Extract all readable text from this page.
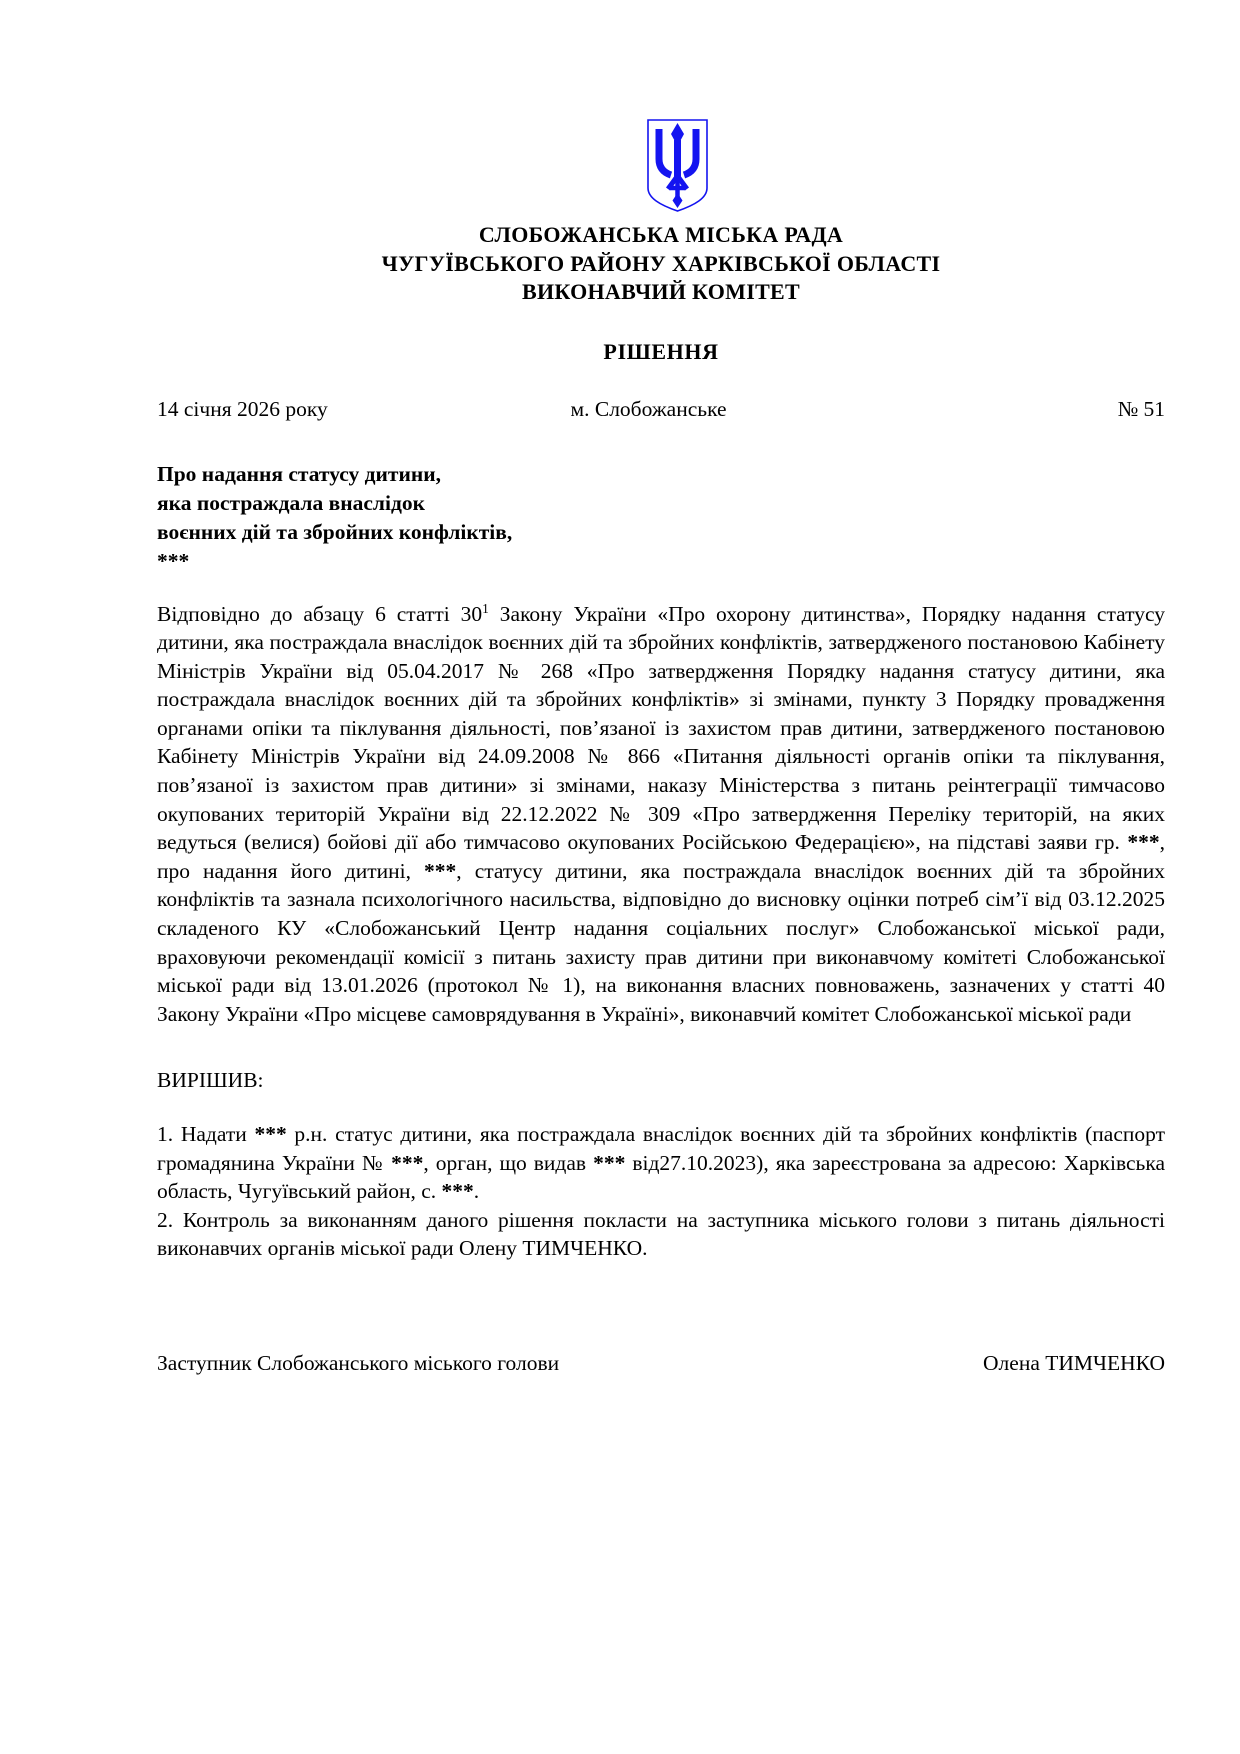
СЛОБОЖАНСЬКА МІСЬКА РАДА
ЧУГУЇВСЬКОГО РАЙОНУ ХАРКІВСЬКОЇ ОБЛАСТІ
ВИКОНАВЧИЙ КОМІТЕТ
РІШЕННЯ
14 січня 2026 року	м. Слобожанське	№ 51
Про надання статусу дитини,
яка постраждала внаслідок
воєнних дій та збройних конфліктів,
***

Відповідно до абзацу 6 статті $30^1$ Закону України «Про охорону дитинства», Порядку надання статусу дитини, яка постраждала внаслідок воєнних дій та збройних конфліктів, затвердженого постановою Кабінету Міністрів України від 05.04.2017 № 268 «Про затвердження Порядку надання статусу дитини, яка постраждала внаслідок воєнних дій та збройних конфліктів» зі змінами, пункту 3 Порядку провадження органами опіки та піклування діяльності, пов’язаної із захистом прав дитини, затвердженого постановою Кабінету Міністрів України від 24.09.2008 № 866 «Питання діяльності органів опіки та піклування, пов’язаної із захистом прав дитини» зі змінами, наказу Міністерства з питань реінтеграції тимчасово окупованих територій України від 22.12.2022 № 309 «Про затвердження Переліку територій, на яких ведуться (велися) бойові дії або тимчасово окупованих Російською Федерацією», на підставі заяви гр. ***, про надання його дитині, ***, статусу дитини, яка постраждала внаслідок воєнних дій та збройних конфліктів та зазнала психологічного насильства, відповідно до висновку оцінки потреб сім’ї від 03.12.2025 складеного КУ «Слобожанський Центр надання соціальних послуг» Слобожанської міської ради, враховуючи рекомендації комісії з питань захисту прав дитини при виконавчому комітеті Слобожанської міської ради від 13.01.2026 (протокол № 1), на виконання власних повноважень, зазначених у статті 40 Закону України «Про місцеве самоврядування в Україні», виконавчий комітет Слобожанської міської ради

ВИРІШИВ:

1. Надати *** р.н. статус дитини, яка постраждала внаслідок воєнних дій та збройних конфліктів (паспорт громадянина України № ***, орган, що видав *** від27.10.2023), яка зареєстрована за адресою: Харківська область, Чугуївський район, с. ***.

2. Контроль за виконанням даного рішення покласти на заступника міського голови з питань діяльності виконавчих органів міської ради Олену ТИМЧЕНКО.

Заступник Слобожанського міського голови	Олена ТИМЧЕНКО
